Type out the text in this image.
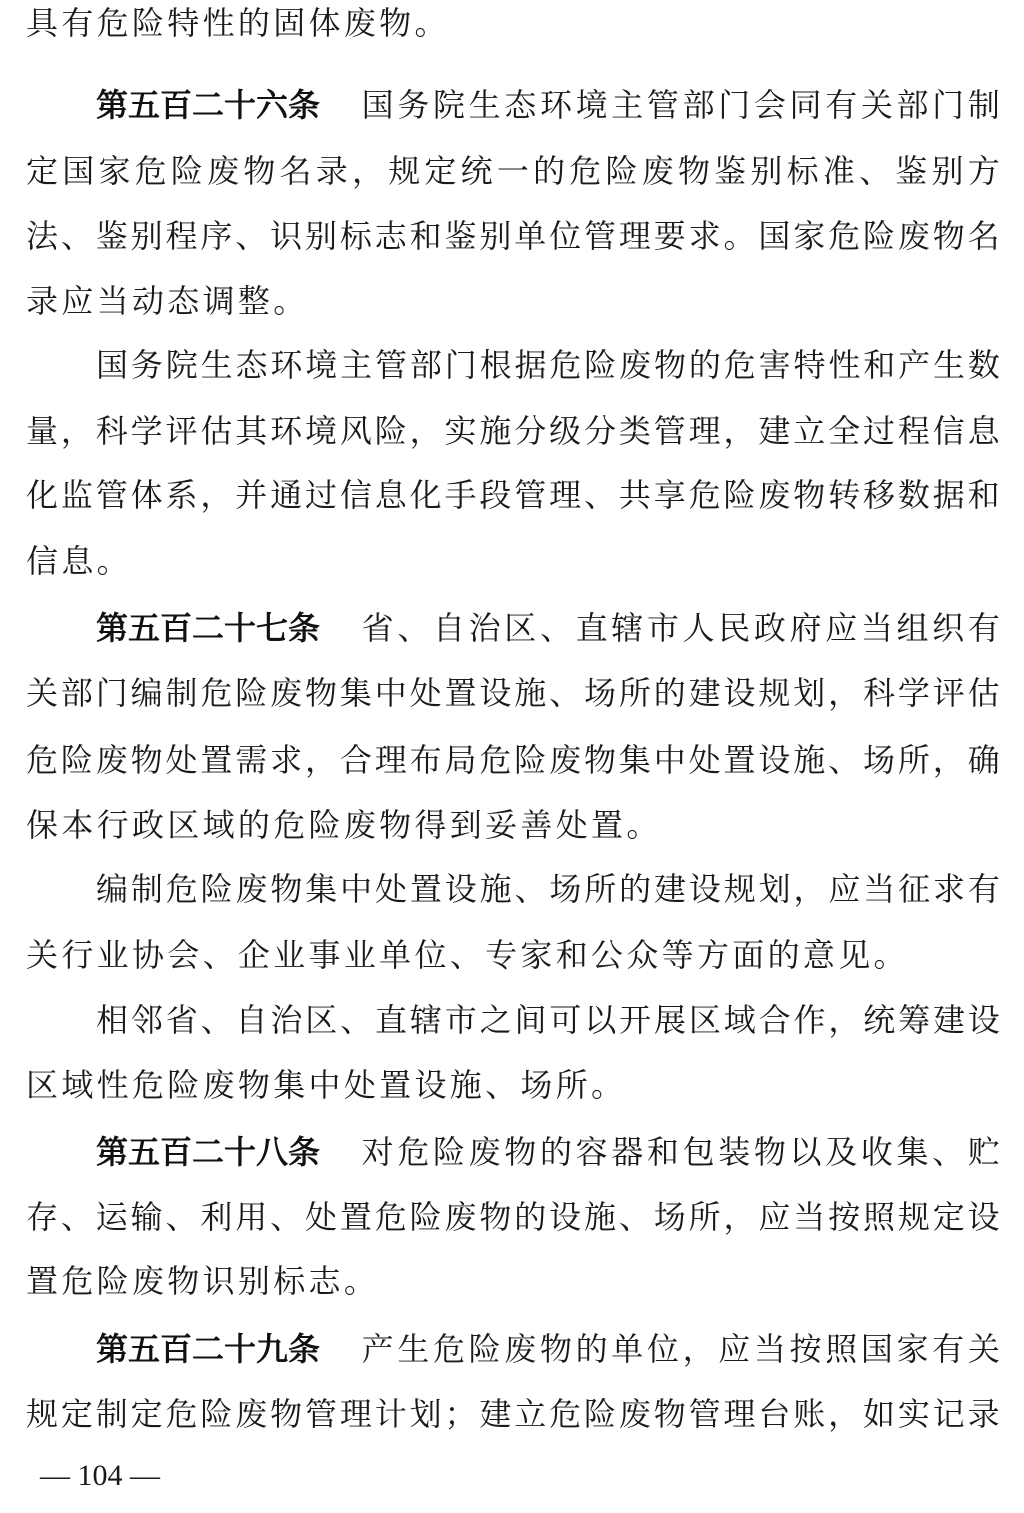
具 有 危 险 特 性 的 固 体 废 物 。
第五百二十六条 国 务 院 生 态 环 境 主 管 部 门 会 同 有 关 部 门 制
定 国 家 危 险 废 物 名 录 ， 规 定 统 一 的 危 险 废 物 鉴 别 标 准 、 鉴 别 方
法 、 鉴 别 程 序 、 识 别 标 志 和 鉴 别 单 位 管 理 要 求 。 国 家 危 险 废 物 名
录 应 当 动 态 调 整 。
国 务 院 生 态 环 境 主 管 部 门 根 据 危 险 废 物 的 危 害 特 性 和 产 生 数
量 ， 科 学 评 估 其 环 境 风 险 ， 实 施 分 级 分 类 管 理 ， 建 立 全 过 程 信 息
化 监 管 体 系 ， 并 通 过 信 息 化 手 段 管 理 、 共 享 危 险 废 物 转 移 数 据 和
信 息 。
第五百二十七条 省 、 自 治 区 、 直 辖 市 人 民 政 府 应 当 组 织 有
关 部 门 编 制 危 险 废 物 集 中 处 置 设 施 、 场 所 的 建 设 规 划 ， 科 学 评 估
危 险 废 物 处 置 需 求 ， 合 理 布 局 危 险 废 物 集 中 处 置 设 施 、 场 所 ， 确
保 本 行 政 区 域 的 危 险 废 物 得 到 妥 善 处 置 。
编 制 危 险 废 物 集 中 处 置 设 施 、 场 所 的 建 设 规 划 ， 应 当 征 求 有
关 行 业 协 会 、 企 业 事 业 单 位 、 专 家 和 公 众 等 方 面 的 意 见 。
相 邻 省 、 自 治 区 、 直 辖 市 之 间 可 以 开 展 区 域 合 作 ， 统 筹 建 设
区 域 性 危 险 废 物 集 中 处 置 设 施 、 场 所 。
第五百二十八条 对 危 险 废 物 的 容 器 和 包 装 物 以 及 收 集 、 贮
存 、 运 输 、 利 用 、 处 置 危 险 废 物 的 设 施 、 场 所 ， 应 当 按 照 规 定 设
置 危 险 废 物 识 别 标 志 。
第五百二十九条 产 生 危 险 废 物 的 单 位 ， 应 当 按 照 国 家 有 关
规 定 制 定 危 险 废 物 管 理 计 划 ； 建 立 危 险 废 物 管 理 台 账 ， 如 实 记 录
— 104 —
